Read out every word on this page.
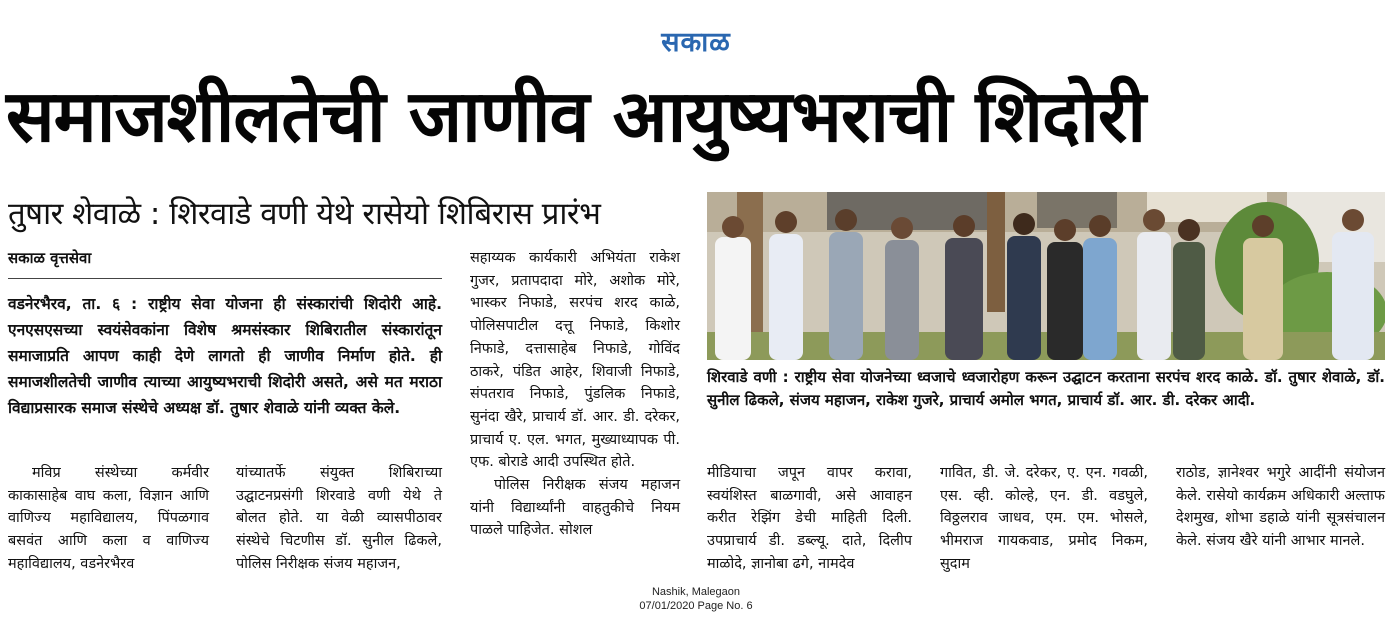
सकाळ
समाजशीलतेची जाणीव आयुष्यभराची शिदोरी
तुषार शेवाळे : शिरवाडे वणी येथे रासेयो शिबिरास प्रारंभ
सकाळ वृत्तसेवा
वडनेरभैरव, ता. ६ : राष्ट्रीय सेवा योजना ही संस्कारांची शिदोरी आहे. एनएसएसच्या स्वयंसेवकांना विशेष श्रमसंस्कार शिबिरातील संस्कारांतून समाजाप्रति आपण काही देणे लागतो ही जाणीव निर्माण होते. ही समाजशीलतेची जाणीव त्याच्या आयुष्यभराची शिदोरी असते, असे मत मराठा विद्याप्रसारक समाज संस्थेचे अध्यक्ष डॉ. तुषार शेवाळे यांनी व्यक्त केले.

मविप्र संस्थेच्या कर्मवीर काकासाहेब वाघ कला, विज्ञान आणि वाणिज्य महाविद्यालय, पिंपळगाव बसवंत आणि कला व वाणिज्य महाविद्यालय, वडनेरभैरव

यांच्यातर्फे संयुक्त शिबिराच्या उद्घाटनप्रसंगी शिरवाडे वणी येथे ते बोलत होते. या वेळी व्यासपीठावर संस्थेचे चिटणीस डॉ. सुनील ढिकले, पोलिस निरीक्षक संजय महाजन,

सहाय्यक कार्यकारी अभियंता राकेश गुजर, प्रतापदादा मोरे, अशोक मोरे, भास्कर निफाडे, सरपंच शरद काळे, पोलिसपाटील दत्तू निफाडे, किशोर निफाडे, दत्तासाहेब निफाडे, गोविंद ठाकरे, पंडित आहेर, शिवाजी निफाडे, संपतराव निफाडे, पुंडलिक निफाडे, सुनंदा खैरे, प्राचार्य डॉ. आर. डी. दरेकर, प्राचार्य ए. एल. भगत, मुख्याध्यापक पी. एफ. बोराडे आदी उपस्थित होते.

पोलिस निरीक्षक संजय महाजन यांनी विद्यार्थ्यांनी वाहतुकीचे नियम पाळले पाहिजेत. सोशल

शिरवाडे वणी : राष्ट्रीय सेवा योजनेच्या ध्वजाचे ध्वजारोहण करून उद्घाटन करताना सरपंच शरद काळे. डॉ. तुषार शेवाळे, डॉ. सुनील ढिकले, संजय महाजन, राकेश गुजरे, प्राचार्य अमोल भगत, प्राचार्य डॉ. आर. डी. दरेकर आदी.

मीडियाचा जपून वापर करावा, स्वयंशिस्त बाळगावी, असे आवाहन करीत रेझिंग डेची माहिती दिली. उपप्राचार्य डी. डब्ल्यू. दाते, दिलीप माळोदे, ज्ञानोबा ढगे, नामदेव

गावित, डी. जे. दरेकर, ए. एन. गवळी, एस. व्ही. कोल्हे, एन. डी. वडघुले, विठ्ठलराव जाधव, एम. एम. भोसले, भीमराज गायकवाड, प्रमोद निकम, सुदाम

राठोड, ज्ञानेश्वर भगुरे आदींनी संयोजन केले. रासेयो कार्यक्रम अधिकारी अल्ताफ देशमुख, शोभा डहाळे यांनी सूत्रसंचालन केले. संजय खैरे यांनी आभार मानले.

Nashik, Malegaon
07/01/2020 Page No. 6
